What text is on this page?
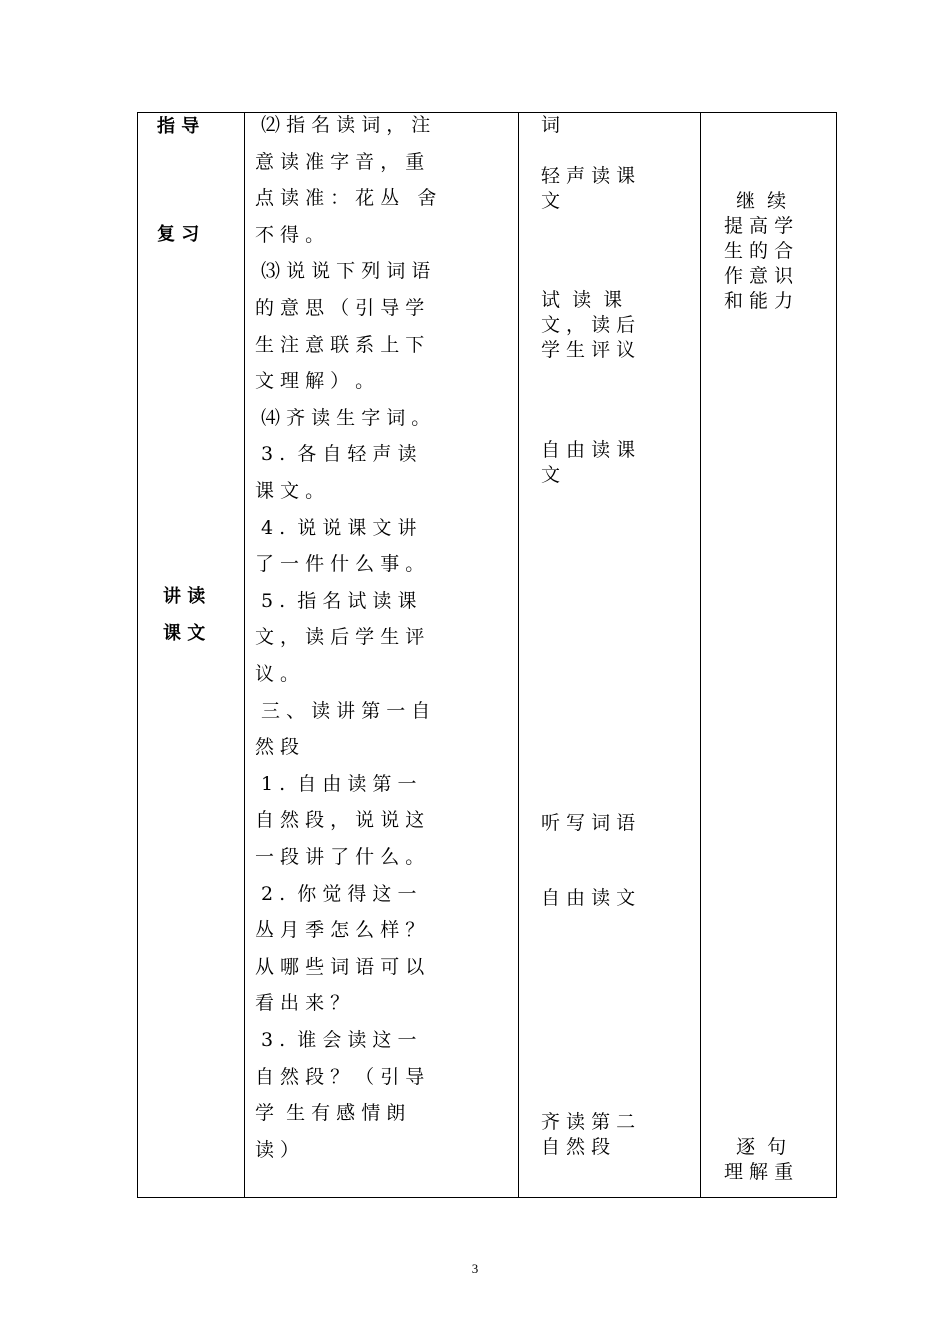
指 导

复 习

讲 读

课 文

⑵ 指 名 读 词 ， 注

意 读 准 字 音 ， 重

点 读 准 ： 花 丛   舍

不 得 。

⑶ 说 说 下 列 词 语

的 意 思 （ 引 导 学

生 注 意 联 系 上 下

文 理 解 ） 。

⑷ 齐 读 生 字 词 。

3 .  各 自 轻 声 读

课 文 。

4 .  说 说 课 文 讲

了 一 件 什 么 事 。

5 .  指 名 试 读 课

文 ， 读 后 学 生 评

议 。

三 、 读 讲 第 一 自

然 段

1 .  自 由 读 第 一

自 然 段 ， 说 说 这

一 段 讲 了 什 么 。

2 .  你 觉 得 这 一

丛 月 季 怎 么 样 ？

从 哪 些 词 语 可 以

看 出 来 ？

3 .  谁 会 读 这 一

自 然 段 ？ （ 引 导

学  生 有 感 情 朗

读 ）

词

轻 声 读 课

文

试  读  课

文 ， 读 后

学 生 评 议

自 由 读 课

文

听 写 词 语

自 由 读 文

齐 读 第 二

自 然 段

继  续

提 高 学

生 的 合

作 意 识

和 能 力

逐  句

理 解 重

3
